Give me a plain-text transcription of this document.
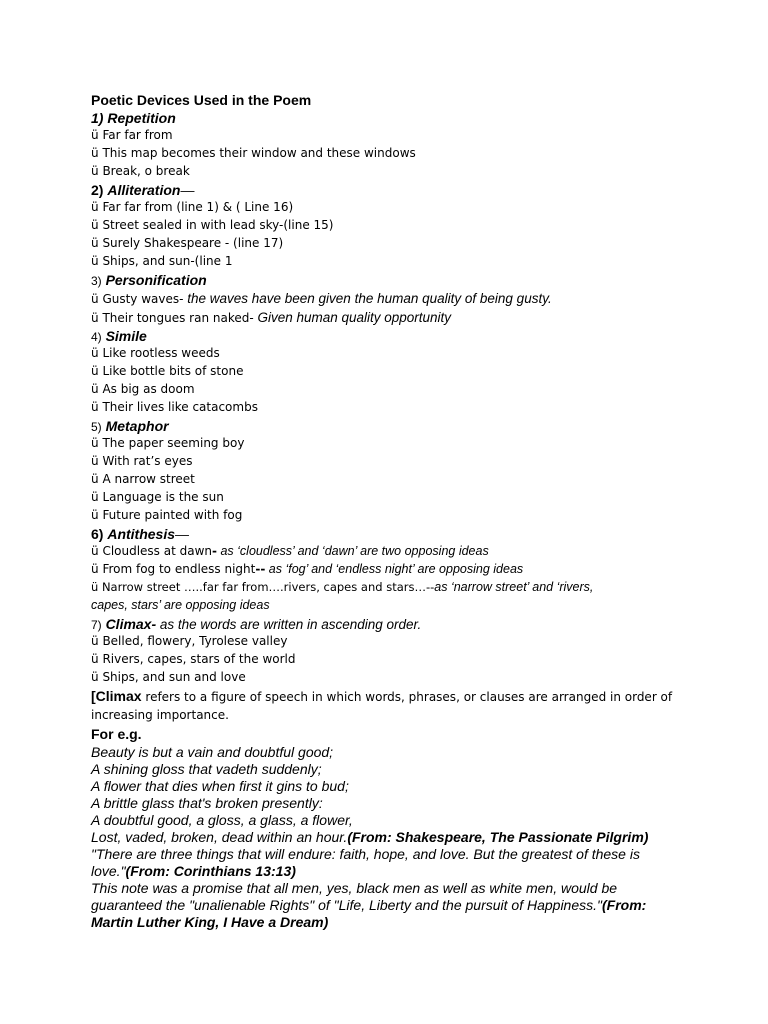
Poetic Devices Used in the Poem
1) Repetition
ü Far far from
ü This map becomes their window and these windows
ü Break, o break
2) Alliteration—
ü Far far from (line 1) & ( Line 16)
ü Street sealed in with lead sky-(line 15)
ü Surely Shakespeare - (line 17)
ü Ships, and sun-(line 1
3) Personification
ü Gusty waves- the waves have been given the human quality of being gusty.
ü Their tongues ran naked- Given human quality opportunity
4) Simile
ü Like rootless weeds
ü Like bottle bits of stone
ü As big as doom
ü Their lives like catacombs
5) Metaphor
ü The paper seeming boy
ü With rat’s eyes
ü A narrow street
ü Language is the sun
ü Future painted with fog
6) Antithesis—
ü Cloudless at dawn- as ‘cloudless’ and ‘dawn’ are two opposing ideas
ü From fog to endless night-- as ‘fog’ and ‘endless night’ are opposing ideas
ü Narrow street …..far far from….rivers, capes and stars…--as ‘narrow street’ and ‘rivers,
capes, stars’ are opposing ideas
7) Climax- as the words are written in ascending order.
ü Belled, flowery, Tyrolese valley
ü Rivers, capes, stars of the world
ü Ships, and sun and love
[Climax refers to a figure of speech in which words, phrases, or clauses are arranged in order of
increasing importance.
For e.g.
Beauty is but a vain and doubtful good;
A shining gloss that vadeth suddenly;
A flower that dies when first it gins to bud;
A brittle glass that's broken presently:
A doubtful good, a gloss, a glass, a flower,
Lost, vaded, broken, dead within an hour.(From: Shakespeare, The Passionate Pilgrim)
"There are three things that will endure: faith, hope, and love. But the greatest of these is
love."(From: Corinthians 13:13)
This note was a promise that all men, yes, black men as well as white men, would be
guaranteed the "unalienable Rights" of "Life, Liberty and the pursuit of Happiness."(From:
Martin Luther King, I Have a Dream)
